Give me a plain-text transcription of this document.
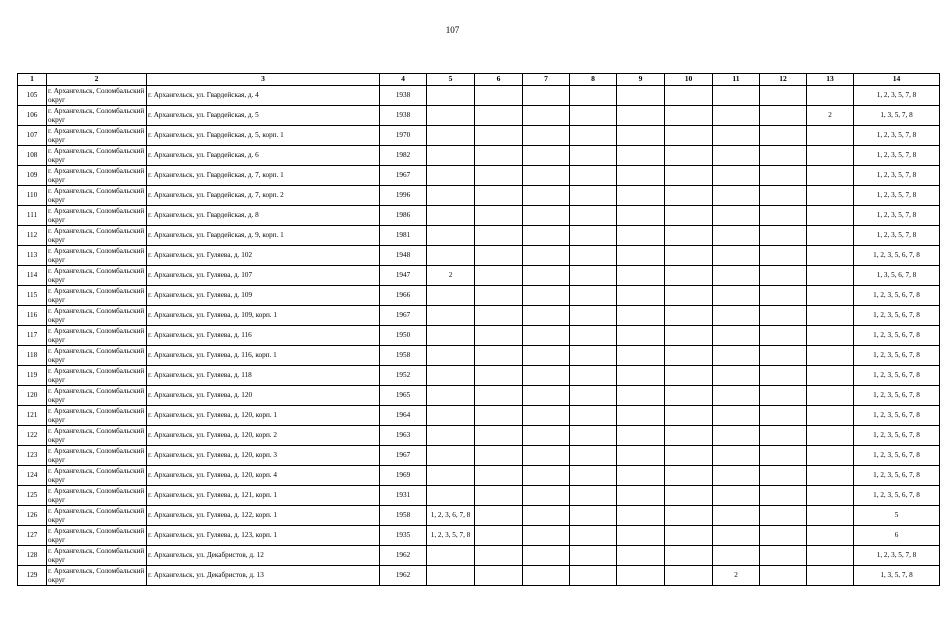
107
1	2	3	4	5	6	7	8	9	10	11	12	13	14
105	г. Архангельск, Соломбальский округ	г. Архангельск, ул. Гвардейская, д. 4	1938										1, 2, 3, 5, 7, 8
106	г. Архангельск, Соломбальский округ	г. Архангельск, ул. Гвардейская, д. 5	1938									2	1, 3, 5, 7, 8
107	г. Архангельск, Соломбальский округ	г. Архангельск, ул. Гвардейская, д. 5, корп. 1	1970										1, 2, 3, 5, 7, 8
108	г. Архангельск, Соломбальский округ	г. Архангельск, ул. Гвардейская, д. 6	1982										1, 2, 3, 5, 7, 8
109	г. Архангельск, Соломбальский округ	г. Архангельск, ул. Гвардейская, д. 7, корп. 1	1967										1, 2, 3, 5, 7, 8
110	г. Архангельск, Соломбальский округ	г. Архангельск, ул. Гвардейская, д. 7, корп. 2	1996										1, 2, 3, 5, 7, 8
111	г. Архангельск, Соломбальский округ	г. Архангельск, ул. Гвардейская, д. 8	1986										1, 2, 3, 5, 7, 8
112	г. Архангельск, Соломбальский округ	г. Архангельск, ул. Гвардейская, д. 9, корп. 1	1981										1, 2, 3, 5, 7, 8
113	г. Архангельск, Соломбальский округ	г. Архангельск, ул. Гуляева, д. 102	1948										1, 2, 3, 5, 6, 7, 8
114	г. Архангельск, Соломбальский округ	г. Архангельск, ул. Гуляева, д. 107	1947	2									1, 3, 5, 6, 7, 8
115	г. Архангельск, Соломбальский округ	г. Архангельск, ул. Гуляева, д. 109	1966										1, 2, 3, 5, 6, 7, 8
116	г. Архангельск, Соломбальский округ	г. Архангельск, ул. Гуляева, д. 109, корп. 1	1967										1, 2, 3, 5, 6, 7, 8
117	г. Архангельск, Соломбальский округ	г. Архангельск, ул. Гуляева, д. 116	1950										1, 2, 3, 5, 6, 7, 8
118	г. Архангельск, Соломбальский округ	г. Архангельск, ул. Гуляева, д. 116, корп. 1	1958										1, 2, 3, 5, 6, 7, 8
119	г. Архангельск, Соломбальский округ	г. Архангельск, ул. Гуляева, д. 118	1952										1, 2, 3, 5, 6, 7, 8
120	г. Архангельск, Соломбальский округ	г. Архангельск, ул. Гуляева, д. 120	1965										1, 2, 3, 5, 6, 7, 8
121	г. Архангельск, Соломбальский округ	г. Архангельск, ул. Гуляева, д. 120, корп. 1	1964										1, 2, 3, 5, 6, 7, 8
122	г. Архангельск, Соломбальский округ	г. Архангельск, ул. Гуляева, д. 120, корп. 2	1963										1, 2, 3, 5, 6, 7, 8
123	г. Архангельск, Соломбальский округ	г. Архангельск, ул. Гуляева, д. 120, корп. 3	1967										1, 2, 3, 5, 6, 7, 8
124	г. Архангельск, Соломбальский округ	г. Архангельск, ул. Гуляева, д. 120, корп. 4	1969										1, 2, 3, 5, 6, 7, 8
125	г. Архангельск, Соломбальский округ	г. Архангельск, ул. Гуляева, д. 121, корп. 1	1931										1, 2, 3, 5, 6, 7, 8
126	г. Архангельск, Соломбальский округ	г. Архангельск, ул. Гуляева, д. 122, корп. 1	1958	1, 2, 3, 6, 7, 8									5
127	г. Архангельск, Соломбальский округ	г. Архангельск, ул. Гуляева, д. 123, корп. 1	1935	1, 2, 3, 5, 7, 8									6
128	г. Архангельск, Соломбальский округ	г. Архангельск, ул. Декабристов, д. 12	1962										1, 2, 3, 5, 7, 8
129	г. Архангельск, Соломбальский округ	г. Архангельск, ул. Декабристов, д. 13	1962							2			1, 3, 5, 7, 8
